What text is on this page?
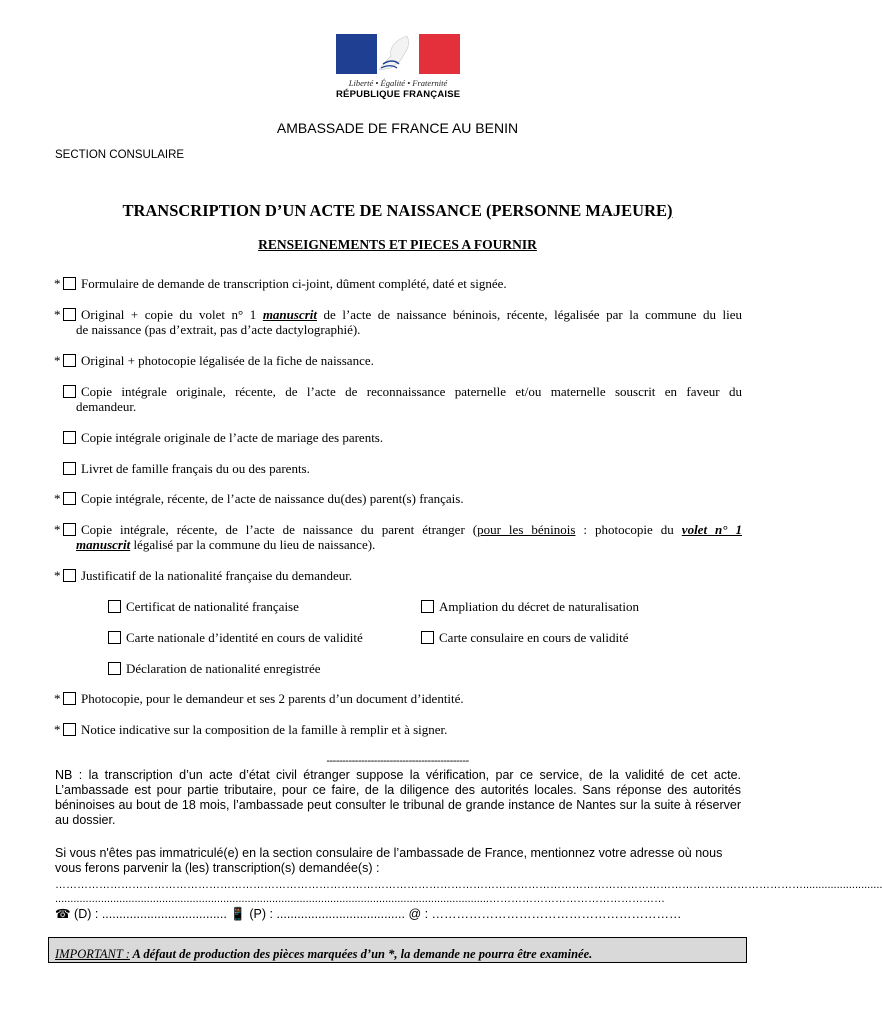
Liberté • Égalité • Fraternité
RÉPUBLIQUE FRANÇAISE
AMBASSADE DE FRANCE AU BENIN
SECTION CONSULAIRE
TRANSCRIPTION D’UN ACTE DE NAISSANCE (PERSONNE MAJEURE)
RENSEIGNEMENTS ET PIECES A FOURNIR
* Formulaire de demande de transcription ci-joint, dûment complété, daté et signée.
* Original + copie du volet n° 1 manuscrit de l’acte de naissance béninois, récente, légalisée par la commune du lieu
de naissance (pas d’extrait, pas d’acte dactylographié).
* Original + photocopie légalisée de la fiche de naissance.
Copie intégrale originale, récente, de l’acte de reconnaissance paternelle et/ou maternelle souscrit en faveur du
demandeur.
Copie intégrale originale de l’acte de mariage des parents.
Livret de famille français du ou des parents.
* Copie intégrale, récente, de l’acte de naissance du(des) parent(s) français.
* Copie intégrale, récente, de l’acte de naissance du parent étranger (pour les béninois : photocopie du volet n° 1
manuscrit légalisé par la commune du lieu de naissance).
* Justificatif de la nationalité française du demandeur.
Certificat de nationalité française	Ampliation du décret de naturalisation
Carte nationale d’identité en cours de validité	Carte consulaire en cours de validité
Déclaration de nationalité enregistrée
* Photocopie, pour le demandeur et ses 2 parents d’un document d’identité.
* Notice indicative sur la composition de la famille à remplir et à signer.
---------------------------------------------
NB : la transcription d’un acte d’état civil étranger suppose la vérification, par ce service, de la validité de cet acte. L’ambassade est pour partie tributaire, pour ce faire, de la diligence des autorités locales. Sans réponse des autorités béninoises au bout de 18 mois, l’ambassade peut consulter le tribunal de grande instance de Nantes sur la suite à réserver au dossier.
Si vous n'êtes pas immatriculé(e) en la section consulaire de l’ambassade de France, mentionnez votre adresse où nous vous ferons parvenir la (les) transcription(s) demandée(s) :
……………………………………………………………………………………………………………………………………………………………………………………..........................
..............................................................................................................................................…………………………………………
☎ (D) : .................................... 📱 (P) : ..................................... @ : ……………………………………………………
IMPORTANT : A défaut de production des pièces marquées d’un *, la demande ne pourra être examinée.
